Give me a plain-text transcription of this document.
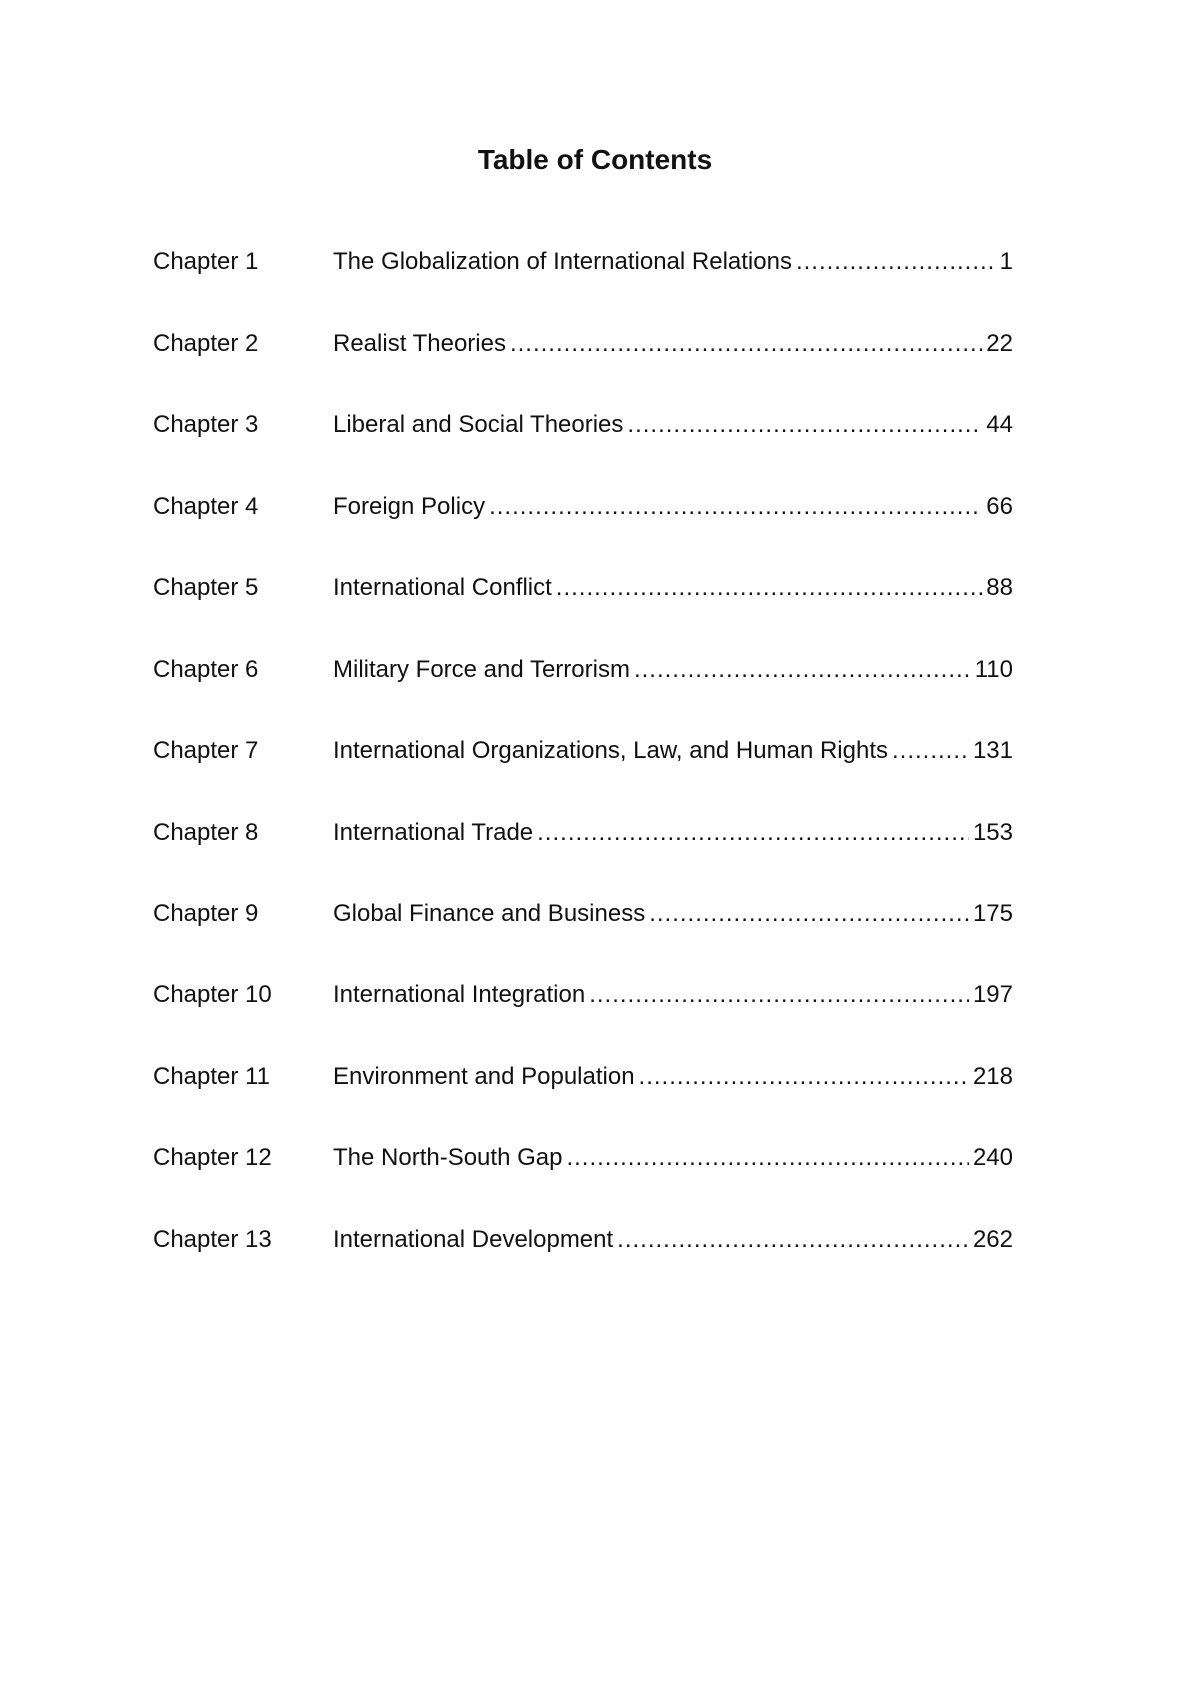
Table of Contents
Chapter 1	The Globalization of International Relations .....	1
Chapter 2	Realist Theories .....	22
Chapter 3	Liberal and Social Theories .....	44
Chapter 4	Foreign Policy .....	66
Chapter 5	International Conflict .....	88
Chapter 6	Military Force and Terrorism .....	110
Chapter 7	International Organizations, Law, and Human Rights .....	131
Chapter 8	International Trade .....	153
Chapter 9	Global Finance and Business .....	175
Chapter 10	International Integration .....	197
Chapter 11	Environment and Population .....	218
Chapter 12	The North-South Gap .....	240
Chapter 13	International Development .....	262
